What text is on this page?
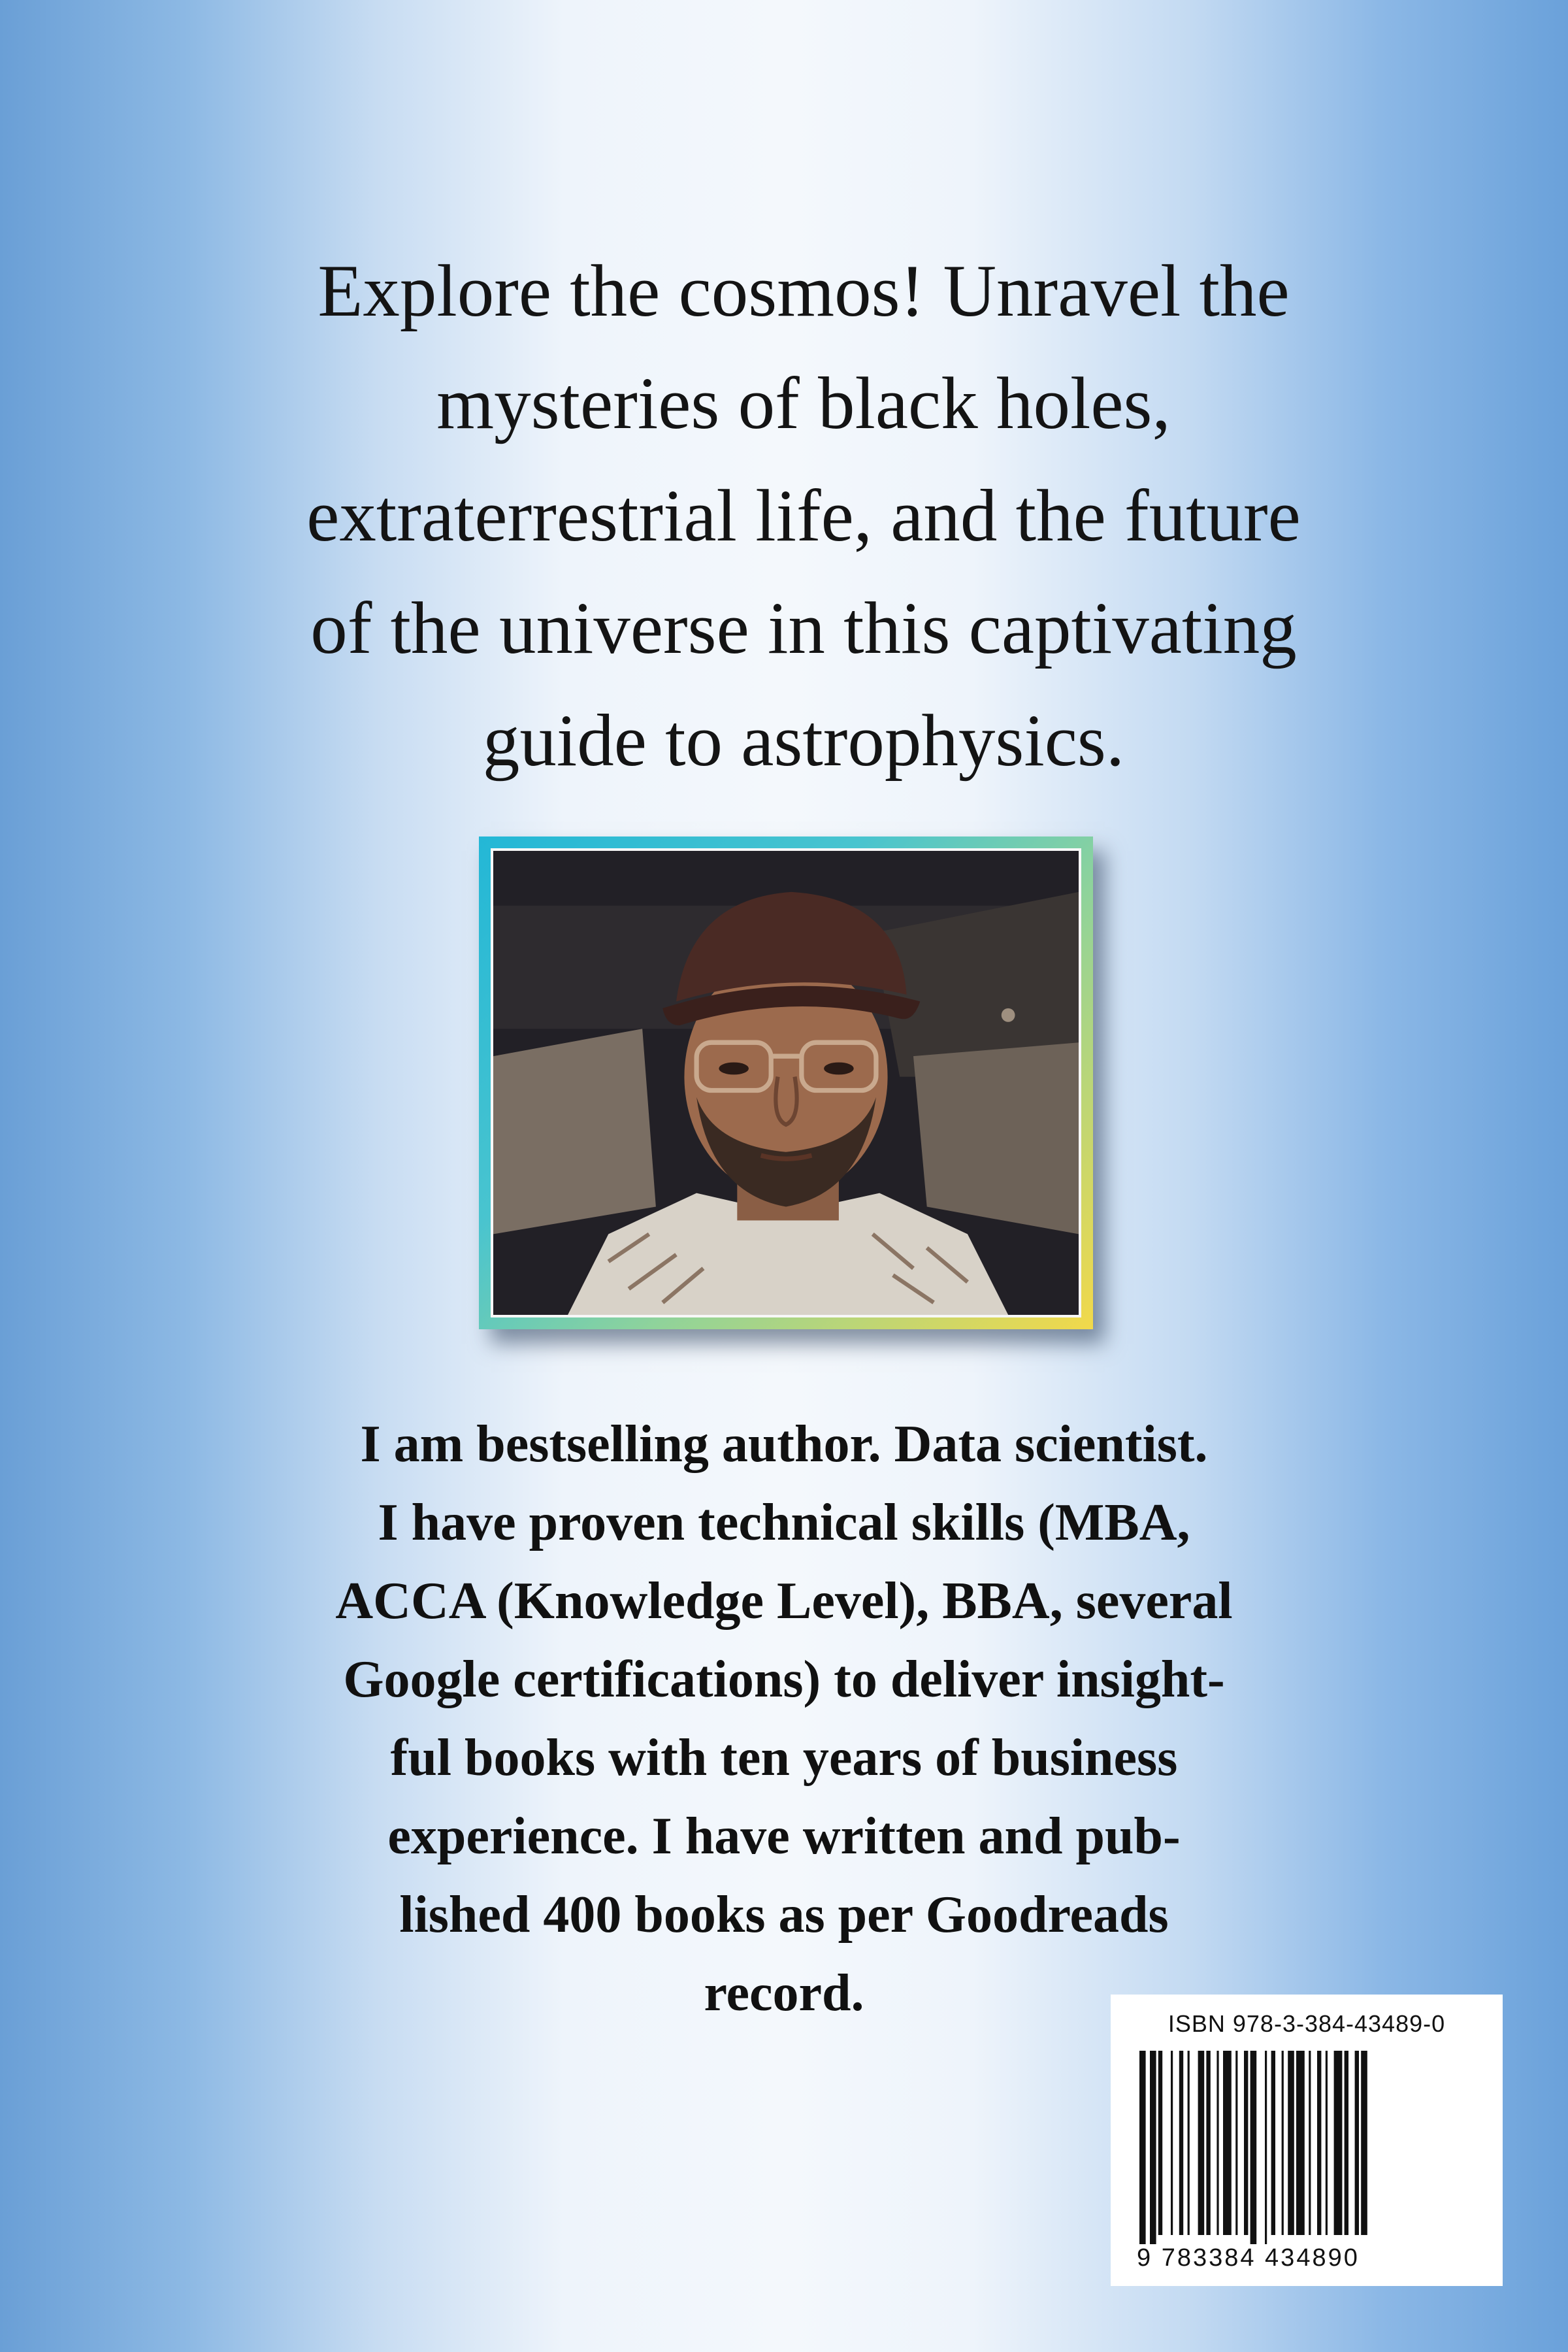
Explore the cosmos! Unravel the
mysteries of black holes,
extraterrestrial life, and the future
of the universe in this captivating
guide to astrophysics.
I am bestselling author. Data scientist.
I have proven technical skills (MBA,
ACCA (Knowledge Level), BBA, several
Google certifications) to deliver insight-
ful books with ten years of business
experience. I have written and pub-
lished 400 books as per Goodreads
record.
ISBN 978-3-384-43489-0
9 783384 434890
